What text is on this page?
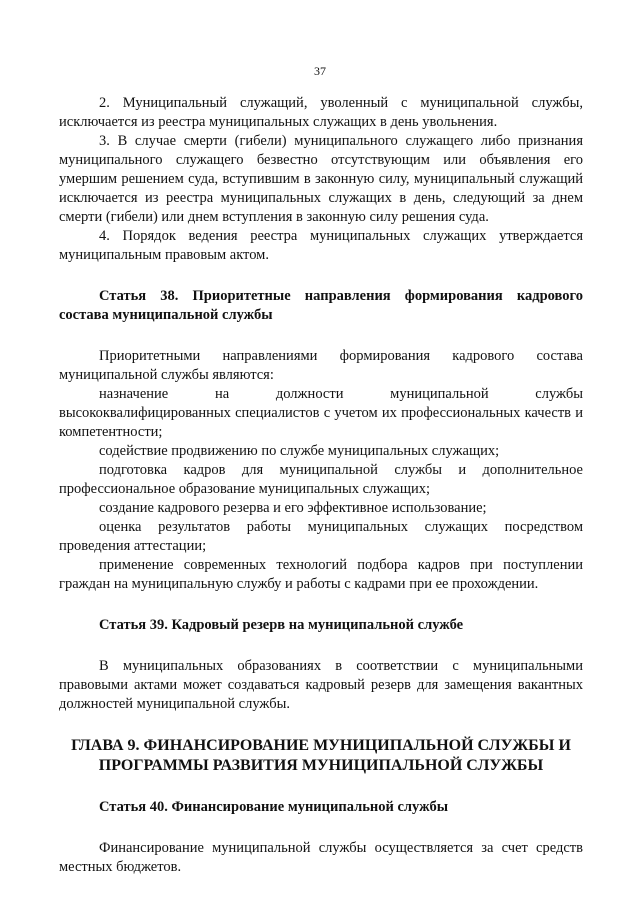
37

2. Муниципальный служащий, уволенный с муниципальной службы, исключается из реестра муниципальных служащих в день увольнения.

3. В случае смерти (гибели) муниципального служащего либо признания муниципального служащего безвестно отсутствующим или объявления его умершим решением суда, вступившим в законную силу, муниципальный служащий исключается из реестра муниципальных служащих в день, следующий за днем смерти (гибели) или днем вступления в законную силу решения суда.

4. Порядок ведения реестра муниципальных служащих утверждается муниципальным правовым актом.

Статья 38. Приоритетные направления формирования кадрового состава муниципальной службы

Приоритетными направлениями формирования кадрового состава муниципальной службы являются:

назначение на должности муниципальной службы высококвалифицированных специалистов с учетом их профессиональных качеств и компетентности;

содействие продвижению по службе муниципальных служащих;

подготовка кадров для муниципальной службы и дополнительное профессиональное образование муниципальных служащих;

создание кадрового резерва и его эффективное использование;

оценка результатов работы муниципальных служащих посредством проведения аттестации;

применение современных технологий подбора кадров при поступлении граждан на муниципальную службу и работы с кадрами при ее прохождении.

Статья 39. Кадровый резерв на муниципальной службе

В муниципальных образованиях в соответствии с муниципальными правовыми актами может создаваться кадровый резерв для замещения вакантных должностей муниципальной службы.

ГЛАВА 9. ФИНАНСИРОВАНИЕ МУНИЦИПАЛЬНОЙ СЛУЖБЫ И ПРОГРАММЫ РАЗВИТИЯ МУНИЦИПАЛЬНОЙ СЛУЖБЫ

Статья 40. Финансирование муниципальной службы

Финансирование муниципальной службы осуществляется за счет средств местных бюджетов.
